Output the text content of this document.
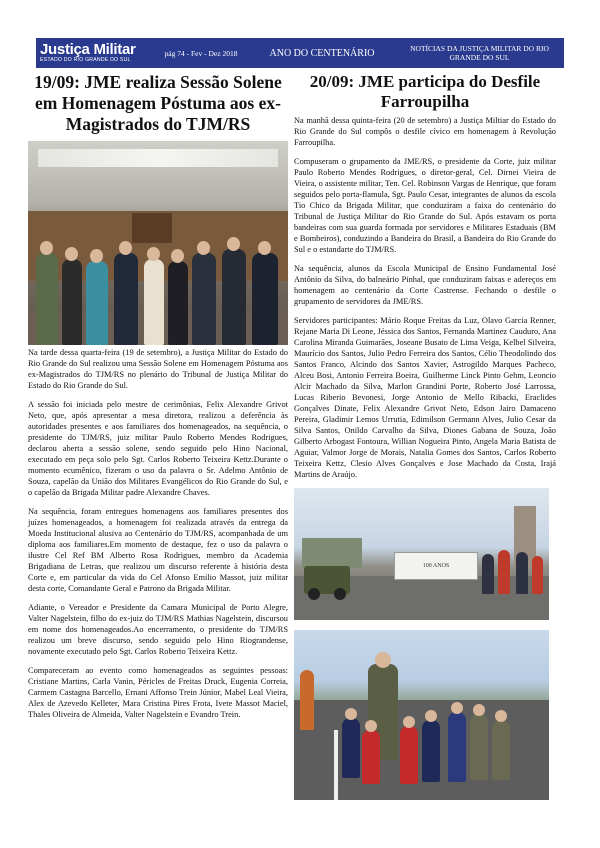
Justiça Militar
ESTADO DO RIO GRANDE DO SUL
pág 74 - Fev - Dez 2018	ANO DO CENTENÁRIO	NOTÍCIAS DA JUSTIÇA MILITAR DO RIO GRANDE DO SUL
19/09: JME realiza Sessão Solene em Homenagem Póstuma aos ex-Magistrados do TJM/RS

Na tarde dessa quarta-feira (19 de setembro), a Justiça Militar do Estado do Rio Grande do Sul realizou uma Sessão Solene em Homenagem Póstuma aos ex-Magistrados do TJM/RS no plenário do Tribunal de Justiça Militar do Estado do Rio Grande do Sul.

A sessão foi iniciada pelo mestre de cerimônias, Felix Alexandre Grivot Neto, que, após apresentar a mesa diretora, realizou a deferência às autoridades presentes e aos familiares dos homenageados, na sequência, o presidente do TJM/RS, juiz militar Paulo Roberto Mendes Rodrigues, declarou aberta a sessão solene, sendo seguido pelo Hino Nacional, executado em peça solo pelo Sgt. Carlos Roberto Teixeira Kettz.Durante o momento ecumênico, fizeram o uso da palavra o Sr. Adelmo Antônio de Souza, capelão da União dos Militares Evangélicos do Rio Grande do Sul, e o capelão da Brigada Militar padre Alexandre Chaves.

Na sequência, foram entregues homenagens aos familiares presentes dos juízes homenageados, a homenagem foi realizada através da entrega da Moeda Institucional alusiva ao Centenário do TJM/RS, acompanhada de um diploma aos familiares.Em momento de destaque, fez o uso da palavra o ilustre Cel Ref BM Alberto Rosa Rodrigues, membro da Academia Brigadiana de Letras, que realizou um discurso referente à história desta Corte e, em particular da vida do Cel Afonso Emilio Massot, juiz militar desta corte, Comandante Geral e Patrono da Brigada Militar.

Adiante, o Vereador e Presidente da Camara Municipal de Porto Alegre, Valter Nagelstein, filho do ex-juiz do TJM/RS Mathias Nagelstein, discursou em nome dos homenageados.Ao encerramento, o presidente do TJM/RS realizou um breve discurso, sendo seguido pelo Hino Riograndense, novamente executado pelo Sgt. Carlos Roberto Teixeira Kettz.

Compareceram ao evento como homenageados as seguintes pessoas: Cristiane Martins, Carla Vanin, Péricles de Freitas Druck, Eugenia Correia, Carmem Castagna Barcello, Ernani Affonso Trein Júnior, Mabel Leal Vieira, Alex de Azevedo Kelleter, Mara Cristina Pires Frota, Ivete Massot Maciel, Thales Oliveira de Almeida, Valter Nagelstein e Evandro Trein.

20/09: JME participa do Desfile Farroupilha

Na manhã dessa quinta-feira (20 de setembro) a Justiça Miltiar do Estado do Rio Grande do Sul compôs o desfile cívico em homenagem à Revolução Farroupilha.

Compuseram o grupamento da JME/RS, o presidente da Corte, juiz militar Paulo Roberto Mendes Rodrigues, o diretor-geral, Cel. Dirnei Vieira de Vieira, o assistente militar, Ten. Cel. Robinson Vargas de Henrique, que foram seguidos pelo porta-flamula, Sgt. Paulo Cesar, integrantes de alunos da escola Tio Chico da Brigada Militar, que conduziram a faixa do centenário do Tribunal de Justiça Militar do Rio Grande do Sul. Após estavam os porta bandeiras com sua guarda formada por servidores e Militares Estaduais (BM e Bombeiros), conduzindo a Bandeira do Brasil, a Bandeira do Rio Grande do Sul e o estandarte do TJM/RS.

Na sequência, alunos da Escola Municipal de Ensino Fundamental José Antônio da Silva, do balneário Pinhal, que conduziram faixas e adereços em homenagem ao centenário da Corte Castrense. Fechando o desfile o grupamento de servidores da JME/RS.

Servidores participantes: Mário Roque Freitas da Luz, Olavo Garcia Renner, Rejane Maria Di Leone, Jéssica dos Santos, Fernanda Martinez Cauduro, Ana Carolina Miranda Guimarães, Joseane Busato de Lima Veiga, Kelbel Silveira, Maurício dos Santos, Julio Pedro Ferreira dos Santos, Célio Theodolindo dos Santos Franco, Alcindo dos Santos Xavier, Astrogildo Marques Pacheco, Alceu Bosi, Antonio Ferreira Boeira, Guilherme Linck Pinto Gehm, Leoncio Alcir Machado da Silva, Marlon Grandini Porte, Roberto José Larrossa, Lucas Riberio Bevonesi, Jorge Antonio de Mello Ribacki, Eraclides Gonçalves Dinate, Felix Alexandre Grivot Neto, Edson Jairo Damaceno Pereira, Gladimir Lemos Urrutia, Edimilson Germann Alves, Julio Cesar da Silva Santos, Onildo Carvalho da Silva, Diones Gabana de Souza, João Gilberto Arbogast Fontoura, Willian Nogueira Pinto, Angela Maria Batista de Aguiar, Valmor Jorge de Morais, Natalia Gomes dos Santos, Carlos Roberto Teixeira Kettz, Clesio Alves Gonçalves e Jose Machado da Costa, Irajá Martins de Araújo.

100 ANOS
